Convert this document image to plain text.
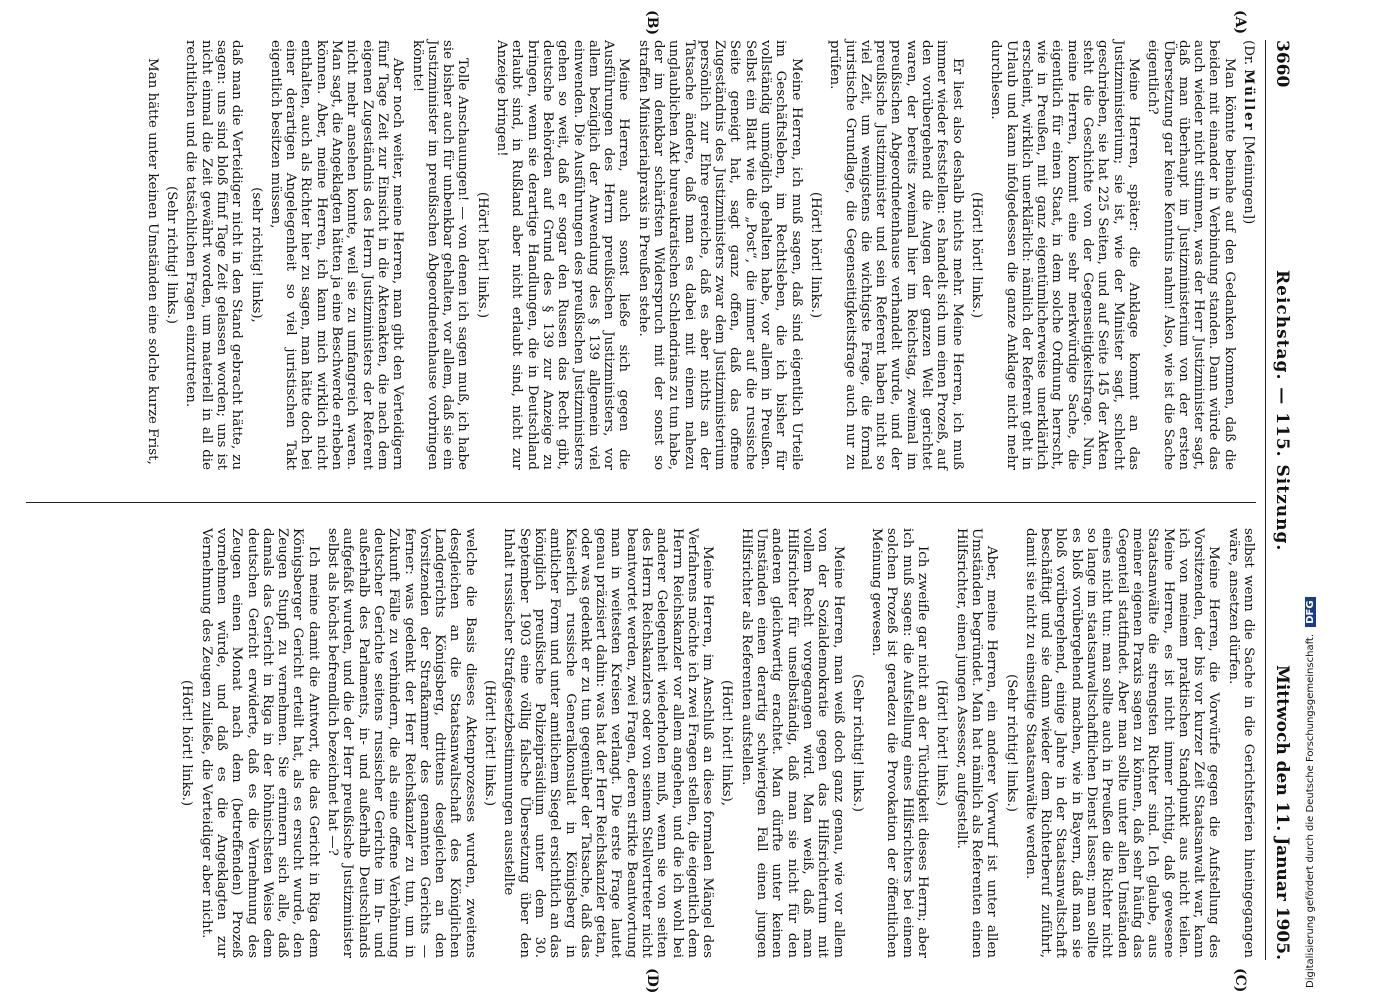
3660
Reichstag. — 115. Sitzung.
Mittwoch den 11. Januar 1905.
(A)
(B)
(C)
(D)

(Dr. Müller [Meiningen])

Man könnte beinahe auf den Gedanken kommen, daß die beiden mit einander in Verbindung standen. Dann würde das auch wieder nicht stimmen, was der Herr Justizminister sagt, daß man überhaupt im Justizministerium von der ersten Übersetzung gar keine Kenntnis nahm! Also, wie ist die Sache eigentlich?

Meine Herren, später: die Anklage kommt an das Justizministerium; sie ist, wie der Minister sagt, schlecht geschrieben, sie hat 225 Seiten, und auf Seite 145 der Akten steht die Geschichte von der Gegenseitigkeitsfrage. Nun, meine Herren, kommt eine sehr merkwürdige Sache, die eigentlich für einen Staat, in dem solche Ordnung herrscht, wie in Preußen, mit ganz eigentümlicherweise unerklärlich erscheint, wirklich unerklärlich: nämlich der Referent geht in Urlaub und kann infolgedessen die ganze Anklage nicht mehr durchlesen.

(Hört! hört! links.)

Er liest also deshalb nichts mehr. Meine Herren, ich muß immer wieder feststellen: es handelt sich um einen Prozeß, auf den vorübergehend die Augen der ganzen Welt gerichtet waren, der bereits zweimal hier im Reichstag, zweimal im preußischen Abgeordnetenhause verhandelt wurde, und der preußische Justizminister und sein Referent haben nicht so viel Zeit, um wenigstens die wichtigste Frage, die formal juristische Grundlage, die Gegenseitigkeitsfrage auch nur zu prüfen.

(Hört! hört! links.)

Meine Herren, ich muß sagen, daß sind eigentlich Urteile im Geschäftsleben, im Rechtsleben, die ich bisher für vollständig unmöglich gehalten habe, vor allem in Preußen. Selbst ein Blatt wie die „Post“, die immer auf die russische Seite geneigt hat, sagt ganz offen, daß das offene Zugeständnis des Justizministers zwar dem Justizministerium persönlich zur Ehre gereiche, daß es aber nichts an der Tatsache ändere, daß man es dabei mit einem nahezu unglaublichen Akt bureaukratischen Schlendrians zu tun habe, der im denkbar schärfsten Widerspruch mit der sonst so straffen Ministerialpraxis in Preußen stehe.

Meine Herren, auch sonst ließe sich gegen die Ausführungen des Herrn preußischen Justizministers, vor allem bezüglich der Anwendung des § 139 allgemein viel einwenden. Die Ausführungen des preußischen Justizministers gehen so weit, daß er sogar den Russen das Recht gibt, deutsche Behörden auf Grund des § 139 zur Anzeige zu bringen, wenn sie derartige Handlungen, die in Deutschland erlaubt sind, in Rußland aber nicht erlaubt sind, nicht zur Anzeige bringen!

(Hört! hört! links.)

Tolle Anschauungen! — von denen ich sagen muß, ich habe sie bisher auch für unbenkbar gehalten, vor allem, daß sie ein Justizminister im preußischen Abgeordnetenhause vorbringen könnte!

Aber noch weiter, meine Herren, man gibt den Verteidigern fünf Tage Zeit zur Einsicht in die Aktenakten, die nach dem eigenen Zugeständnis des Herrn Justizministers der Referent nicht mehr ansehen konnte, weil sie zu umfangreich waren. Man sagt, die Angeklagten hätten ja eine Beschwerde erheben können. Aber, meine Herren, ich kann mich wirklich nicht enthalten, auch als Richter hier zu sagen, man hätte doch bei einer derartigen Angelegenheit so viel juristischen Takt eigentlich besitzen müssen,

(sehr richtig! links),

daß man die Verteidiger nicht in den Stand gebracht hätte, zu sagen: uns sind bloß fünf Tage Zeit gelassen worden; uns ist nicht einmal die Zeit gewährt worden, um materiell in all die rechtlichen und die tatsächlichen Fragen einzutreten.

(Sehr richtig! links.)

Man hätte unter keinen Umständen eine solche kurze Frist,

selbst wenn die Sache in die Gerichtsferien hineingegangen wäre, ansetzen dürfen.

Meine Herren, die Vorwürfe gegen die Aufstellung des Vorsitzenden, der bis vor kurzer Zeit Staatsanwalt war, kann ich von meinem praktischen Standpunkt aus nicht teilen. Meine Herren, es ist nicht immer richtig, daß gewesene Staatsanwälte die strengsten Richter sind. Ich glaube, aus meiner eigenen Praxis sagen zu können, daß sehr häufig das Gegenteil stattfindet. Aber man sollte unter allen Umständen eines nicht tun: man sollte auch in Preußen die Richter nicht so lange im staatsanwaltschaftlichen Dienst lassen; man sollte es bloß vorübergehend machen, wie in Bayern, daß man sie bloß vorübergehend, einige Jahre in der Staatsanwaltschaft beschäftigt und sie dann wieder dem Richterberuf zuführt, damit sie nicht zu einseitige Staatsanwälte werden.

(Sehr richtig! links.)

Aber, meine Herren, ein anderer Vorwurf ist unter allen Umständen begründet. Man hat nämlich als Referenten einen Hilfsrichter, einen jungen Assessor, aufgestellt.

(Hört! hört! links.)

Ich zweifle gar nicht an der Tüchtigkeit dieses Herrn; aber ich muß sagen: die Aufstellung eines Hilfsrichters bei einem solchen Prozeß ist geradezu die Provokation der öffentlichen Meinung gewesen.

(Sehr richtig! links.)

Meine Herren, man weiß doch ganz genau, wie vor allem von der Sozialdemokratie gegen das Hilfsrichtertum mit vollem Recht vorgegangen wird. Man weiß, daß man Hilfsrichter für unselbständig, daß man sie nicht für den anderen gleichwertig erachtet. Man dürfte unter keinen Umständen einen derartig schwierigen Fall einen jungen Hilfsrichter als Referenten aufstellen.

(Hört! hört! links),

Meine Herren, im Anschluß an diese formalen Mängel des Verfahrens möchte ich zwei Fragen stellen, die eigentlich dem Herrn Reichskanzler vor allem angehen, und die ich wohl bei anderer Gelegenheit wiederholen muß, wenn sie von seiten des Herrn Reichskanzlers oder von seinem Stellvertreter nicht beantwortet werden, zwei Fragen, deren strikte Beantwortung man in weitesten Kreisen verlangt. Die erste Frage lautet genau präzisiert dahin: was hat der Herr Reichskanzler getan, oder was gedenkt er zu tun gegenüber der Tatsache, daß das Kaiserlich russische Generalkonsulat in Königsberg in amtlicher Form und unter amtlichem Siegel ersichtlich an das königlich preußische Polizeipräsidium unter dem 30. September 1903 eine völlig falsche Übersetzung über den Inhalt russischer Strafgesetzbestimmungen ausstellte

(Hört! hört! links.)

welche die Basis dieses Aktenprozesses wurden, zweitens desgleichen an die Staatsanwaltschaft des Königlichen Landgerichts Königsberg, drittens desgleichen an den Vorsitzenden der Strafkammer des genannten Gerichts — ferner: was gedenkt der Herr Reichskanzler zu tun, um in Zukunft Fälle zu verhindern, die als eine offene Verhöhnung deutscher Gerichte seitens russischer Gerichte im In- und außerhalb des Parlaments, in- und außerhalb Deutschlands aufgefaßt wurden, und die der Herr preußische Justizminister selbst als höchst befremdlich bezeichnet hat —?

Ich meine damit die Antwort, die das Gericht in Riga dem Königsberger Gericht erteilt hat, als es ersucht wurde, den Zeugen Stupfi zu vernehmen. Sie erinnern sich alle, daß damals das Gericht in Riga in der höhnischsten Weise dem deutschen Gericht erwiderte, daß es die Vernehmung des Zeugen einen Monat nach dem (betreffenden) Prozeß vornehmen würde, und daß es die Angeklagten zur Vernehmung des Zeugen zuließe, die Verteidiger aber nicht.

(Hört! hört! links.)	Digitalisierung gefördert durch die Deutsche Forschungsgemeinschaft. DFG
